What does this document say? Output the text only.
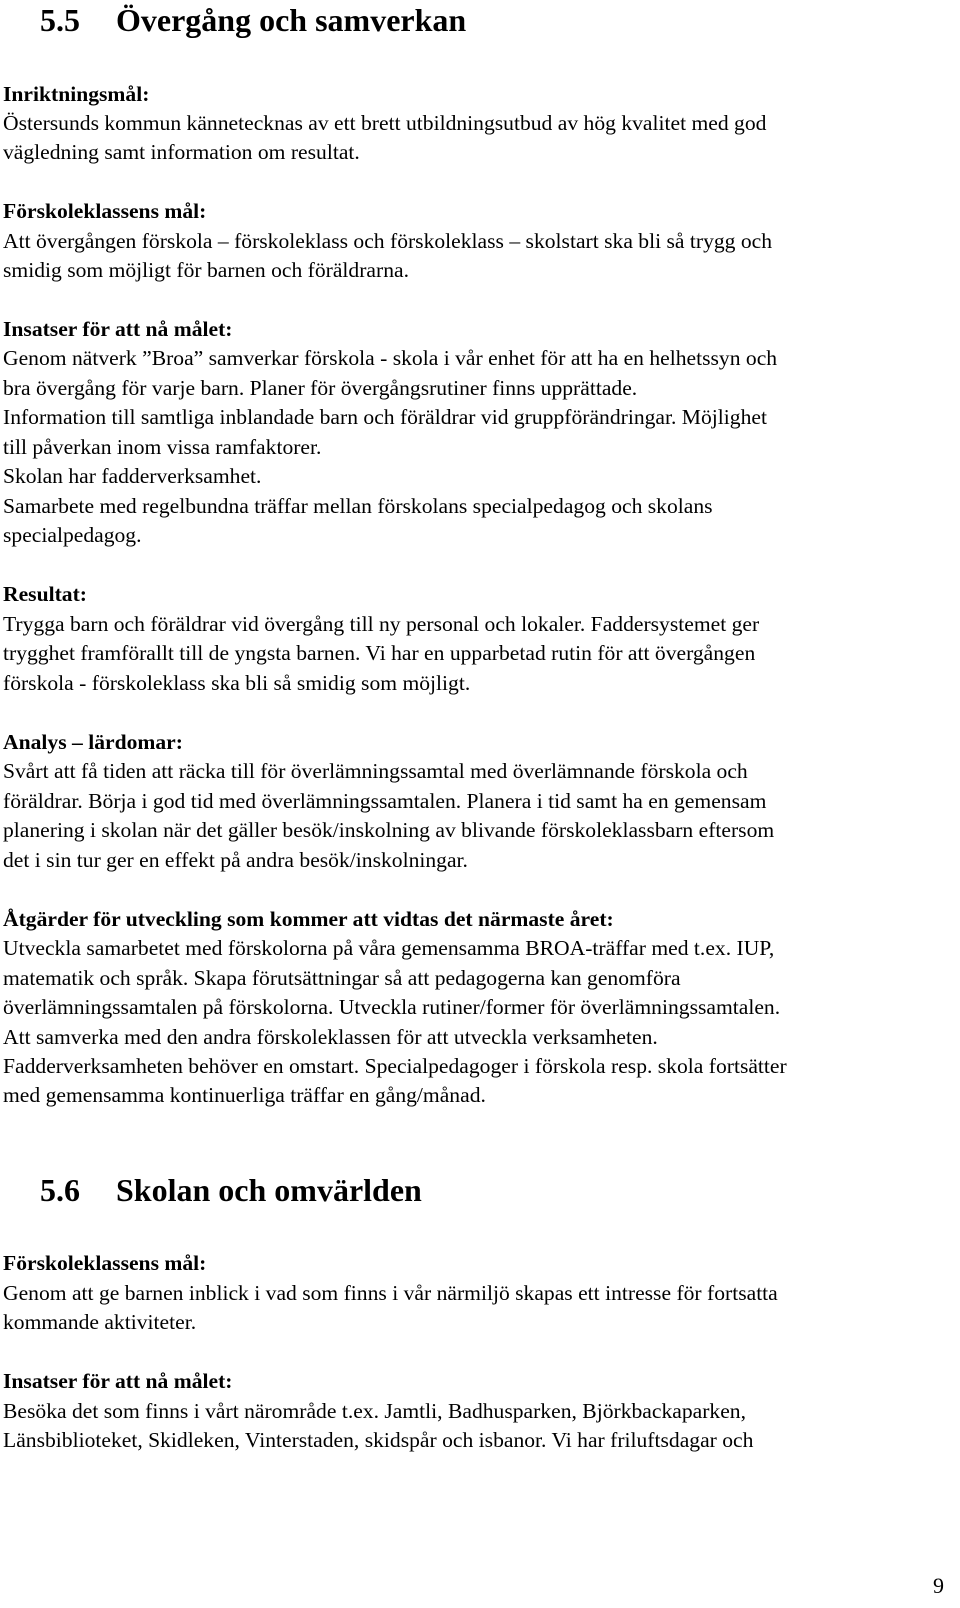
5.5 Övergång och samverkan
Inriktningsmål:
Östersunds kommun kännetecknas av ett brett utbildningsutbud av hög kvalitet med god
vägledning samt information om resultat.
Förskoleklassens mål:
Att övergången förskola – förskoleklass och förskoleklass – skolstart ska bli så trygg och
smidig som möjligt för barnen och föräldrarna.
Insatser för att nå målet:
Genom nätverk ”Broa” samverkar förskola - skola i vår enhet för att ha en helhetssyn och
bra övergång för varje barn. Planer för övergångsrutiner finns upprättade.
Information till samtliga inblandade barn och föräldrar vid gruppförändringar. Möjlighet
till påverkan inom vissa ramfaktorer.
Skolan har fadderverksamhet.
Samarbete med regelbundna träffar mellan förskolans specialpedagog och skolans
specialpedagog.
Resultat:
Trygga barn och föräldrar vid övergång till ny personal och lokaler. Faddersystemet ger
trygghet framförallt till de yngsta barnen. Vi har en upparbetad rutin för att övergången
förskola - förskoleklass ska bli så smidig som möjligt.
Analys – lärdomar:
Svårt att få tiden att räcka till för överlämningssamtal med överlämnande förskola och
föräldrar. Börja i god tid med överlämningssamtalen. Planera i tid samt ha en gemensam
planering i skolan när det gäller besök/inskolning av blivande förskoleklassbarn eftersom
det i sin tur ger en effekt på andra besök/inskolningar.
Åtgärder för utveckling som kommer att vidtas det närmaste året:
Utveckla samarbetet med förskolorna på våra gemensamma BROA-träffar med t.ex. IUP,
matematik och språk. Skapa förutsättningar så att pedagogerna kan genomföra
överlämningssamtalen på förskolorna. Utveckla rutiner/former för överlämningssamtalen.
Att samverka med den andra förskoleklassen för att utveckla verksamheten.
Fadderverksamheten behöver en omstart. Specialpedagoger i förskola resp. skola fortsätter
med gemensamma kontinuerliga träffar en gång/månad.
5.6 Skolan och omvärlden
Förskoleklassens mål:
Genom att ge barnen inblick i vad som finns i vår närmiljö skapas ett intresse för fortsatta
kommande aktiviteter.
Insatser för att nå målet:
Besöka det som finns i vårt närområde t.ex. Jamtli, Badhusparken, Björkbackaparken,
Länsbiblioteket, Skidleken, Vinterstaden, skidspår och isbanor. Vi har friluftsdagar och
9
